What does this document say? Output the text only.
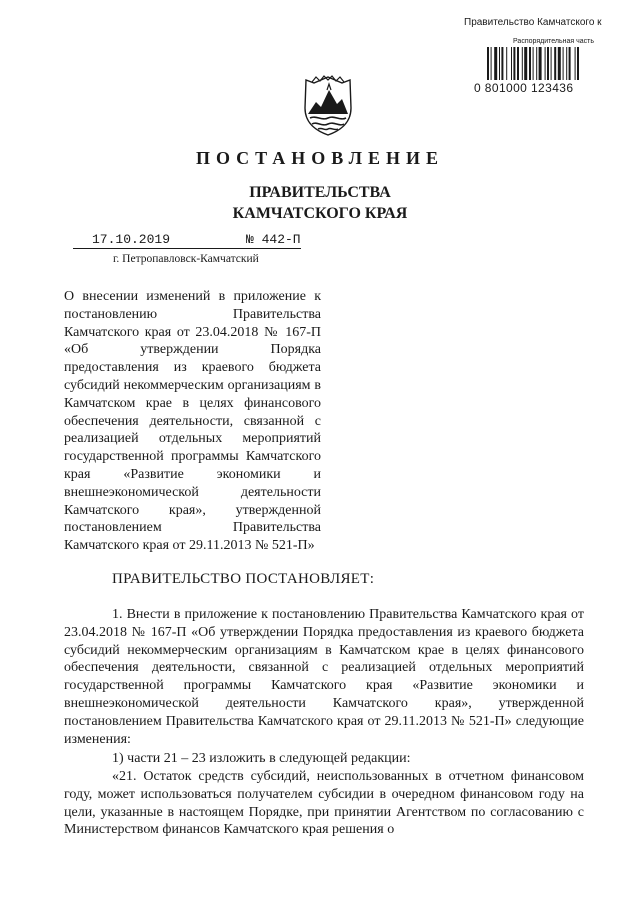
Правительство Камчатского к
Распорядительная часть
0 801000 123436
ПОСТАНОВЛЕНИЕ
ПРАВИТЕЛЬСТВА
КАМЧАТСКОГО КРАЯ
17.10.2019	№ 442-П
г. Петропавловск-Камчатский

О внесении изменений в приложение к постановлению Правительства Камчатского края от 23.04.2018 № 167-П «Об утверждении Порядка предоставления из краевого бюджета субсидий некоммерческим организациям в Камчатском крае в целях финансового обеспечения деятельности, связанной с реализацией отдельных мероприятий государственной программы Камчатского края «Развитие экономики и внешнеэкономической деятельности Камчатского края», утвержденной постановлением Правительства Камчатского края от 29.11.2013 № 521-П»

ПРАВИТЕЛЬСТВО ПОСТАНОВЛЯЕТ:

1. Внести в приложение к постановлению Правительства Камчатского края от 23.04.2018 № 167-П «Об утверждении Порядка предоставления из краевого бюджета субсидий некоммерческим организациям в Камчатском крае в целях финансового обеспечения деятельности, связанной с реализацией отдельных мероприятий государственной программы Камчатского края «Развитие экономики и внешнеэкономической деятельности Камчатского края», утвержденной постановлением Правительства Камчатского края от 29.11.2013 № 521-П» следующие изменения:

1) части 21 – 23 изложить в следующей редакции:

«21. Остаток средств субсидий, неиспользованных в отчетном финансовом году, может использоваться получателем субсидии в очередном финансовом году на цели, указанные в настоящем Порядке, при принятии Агентством по согласованию с Министерством финансов Камчатского края решения о
